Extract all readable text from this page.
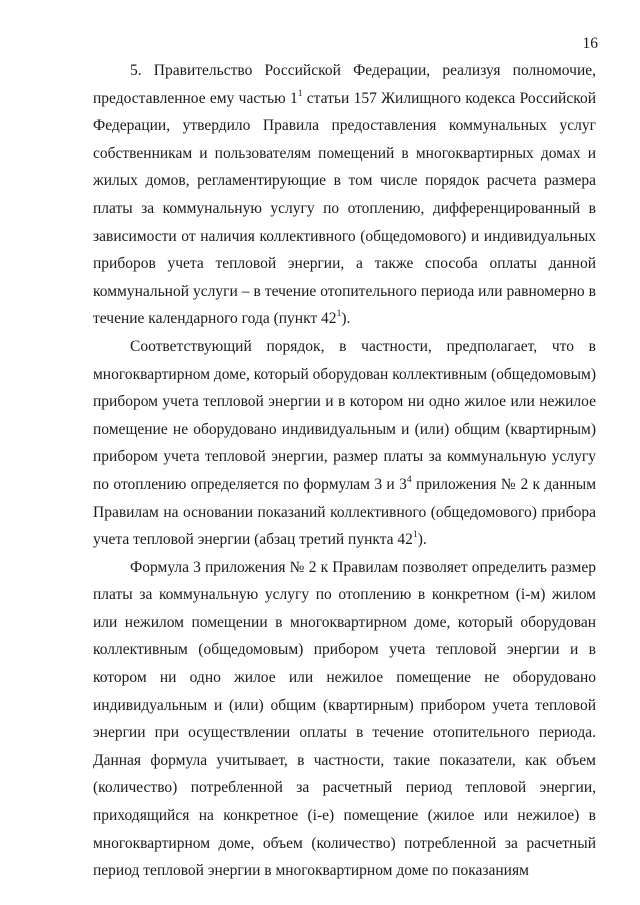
16

5. Правительство Российской Федерации, реализуя полномочие, предоставленное ему частью $1^1$ статьи 157 Жилищного кодекса Российской Федерации, утвердило Правила предоставления коммунальных услуг собственникам и пользователям помещений в многоквартирных домах и жилых домов, регламентирующие в том числе порядок расчета размера платы за коммунальную услугу по отоплению, дифференцированный в зависимости от наличия коллективного (общедомового) и индивидуальных приборов учета тепловой энергии, а также способа оплаты данной коммунальной услуги – в течение отопительного периода или равномерно в течение календарного года (пункт $42^1$).

Соответствующий порядок, в частности, предполагает, что в многоквартирном доме, который оборудован коллективным (общедомовым) прибором учета тепловой энергии и в котором ни одно жилое или нежилое помещение не оборудовано индивидуальным и (или) общим (квартирным) прибором учета тепловой энергии, размер платы за коммунальную услугу по отоплению определяется по формулам 3 и $3^4$ приложения № 2 к данным Правилам на основании показаний коллективного (общедомового) прибора учета тепловой энергии (абзац третий пункта $42^1$).

Формула 3 приложения № 2 к Правилам позволяет определить размер платы за коммунальную услугу по отоплению в конкретном (i-м) жилом или нежилом помещении в многоквартирном доме, который оборудован коллективным (общедомовым) прибором учета тепловой энергии и в котором ни одно жилое или нежилое помещение не оборудовано индивидуальным и (или) общим (квартирным) прибором учета тепловой энергии при осуществлении оплаты в течение отопительного периода. Данная формула учитывает, в частности, такие показатели, как объем (количество) потребленной за расчетный период тепловой энергии, приходящийся на конкретное (i-е) помещение (жилое или нежилое) в многоквартирном доме, объем (количество) потребленной за расчетный период тепловой энергии в многоквартирном доме по показаниям
